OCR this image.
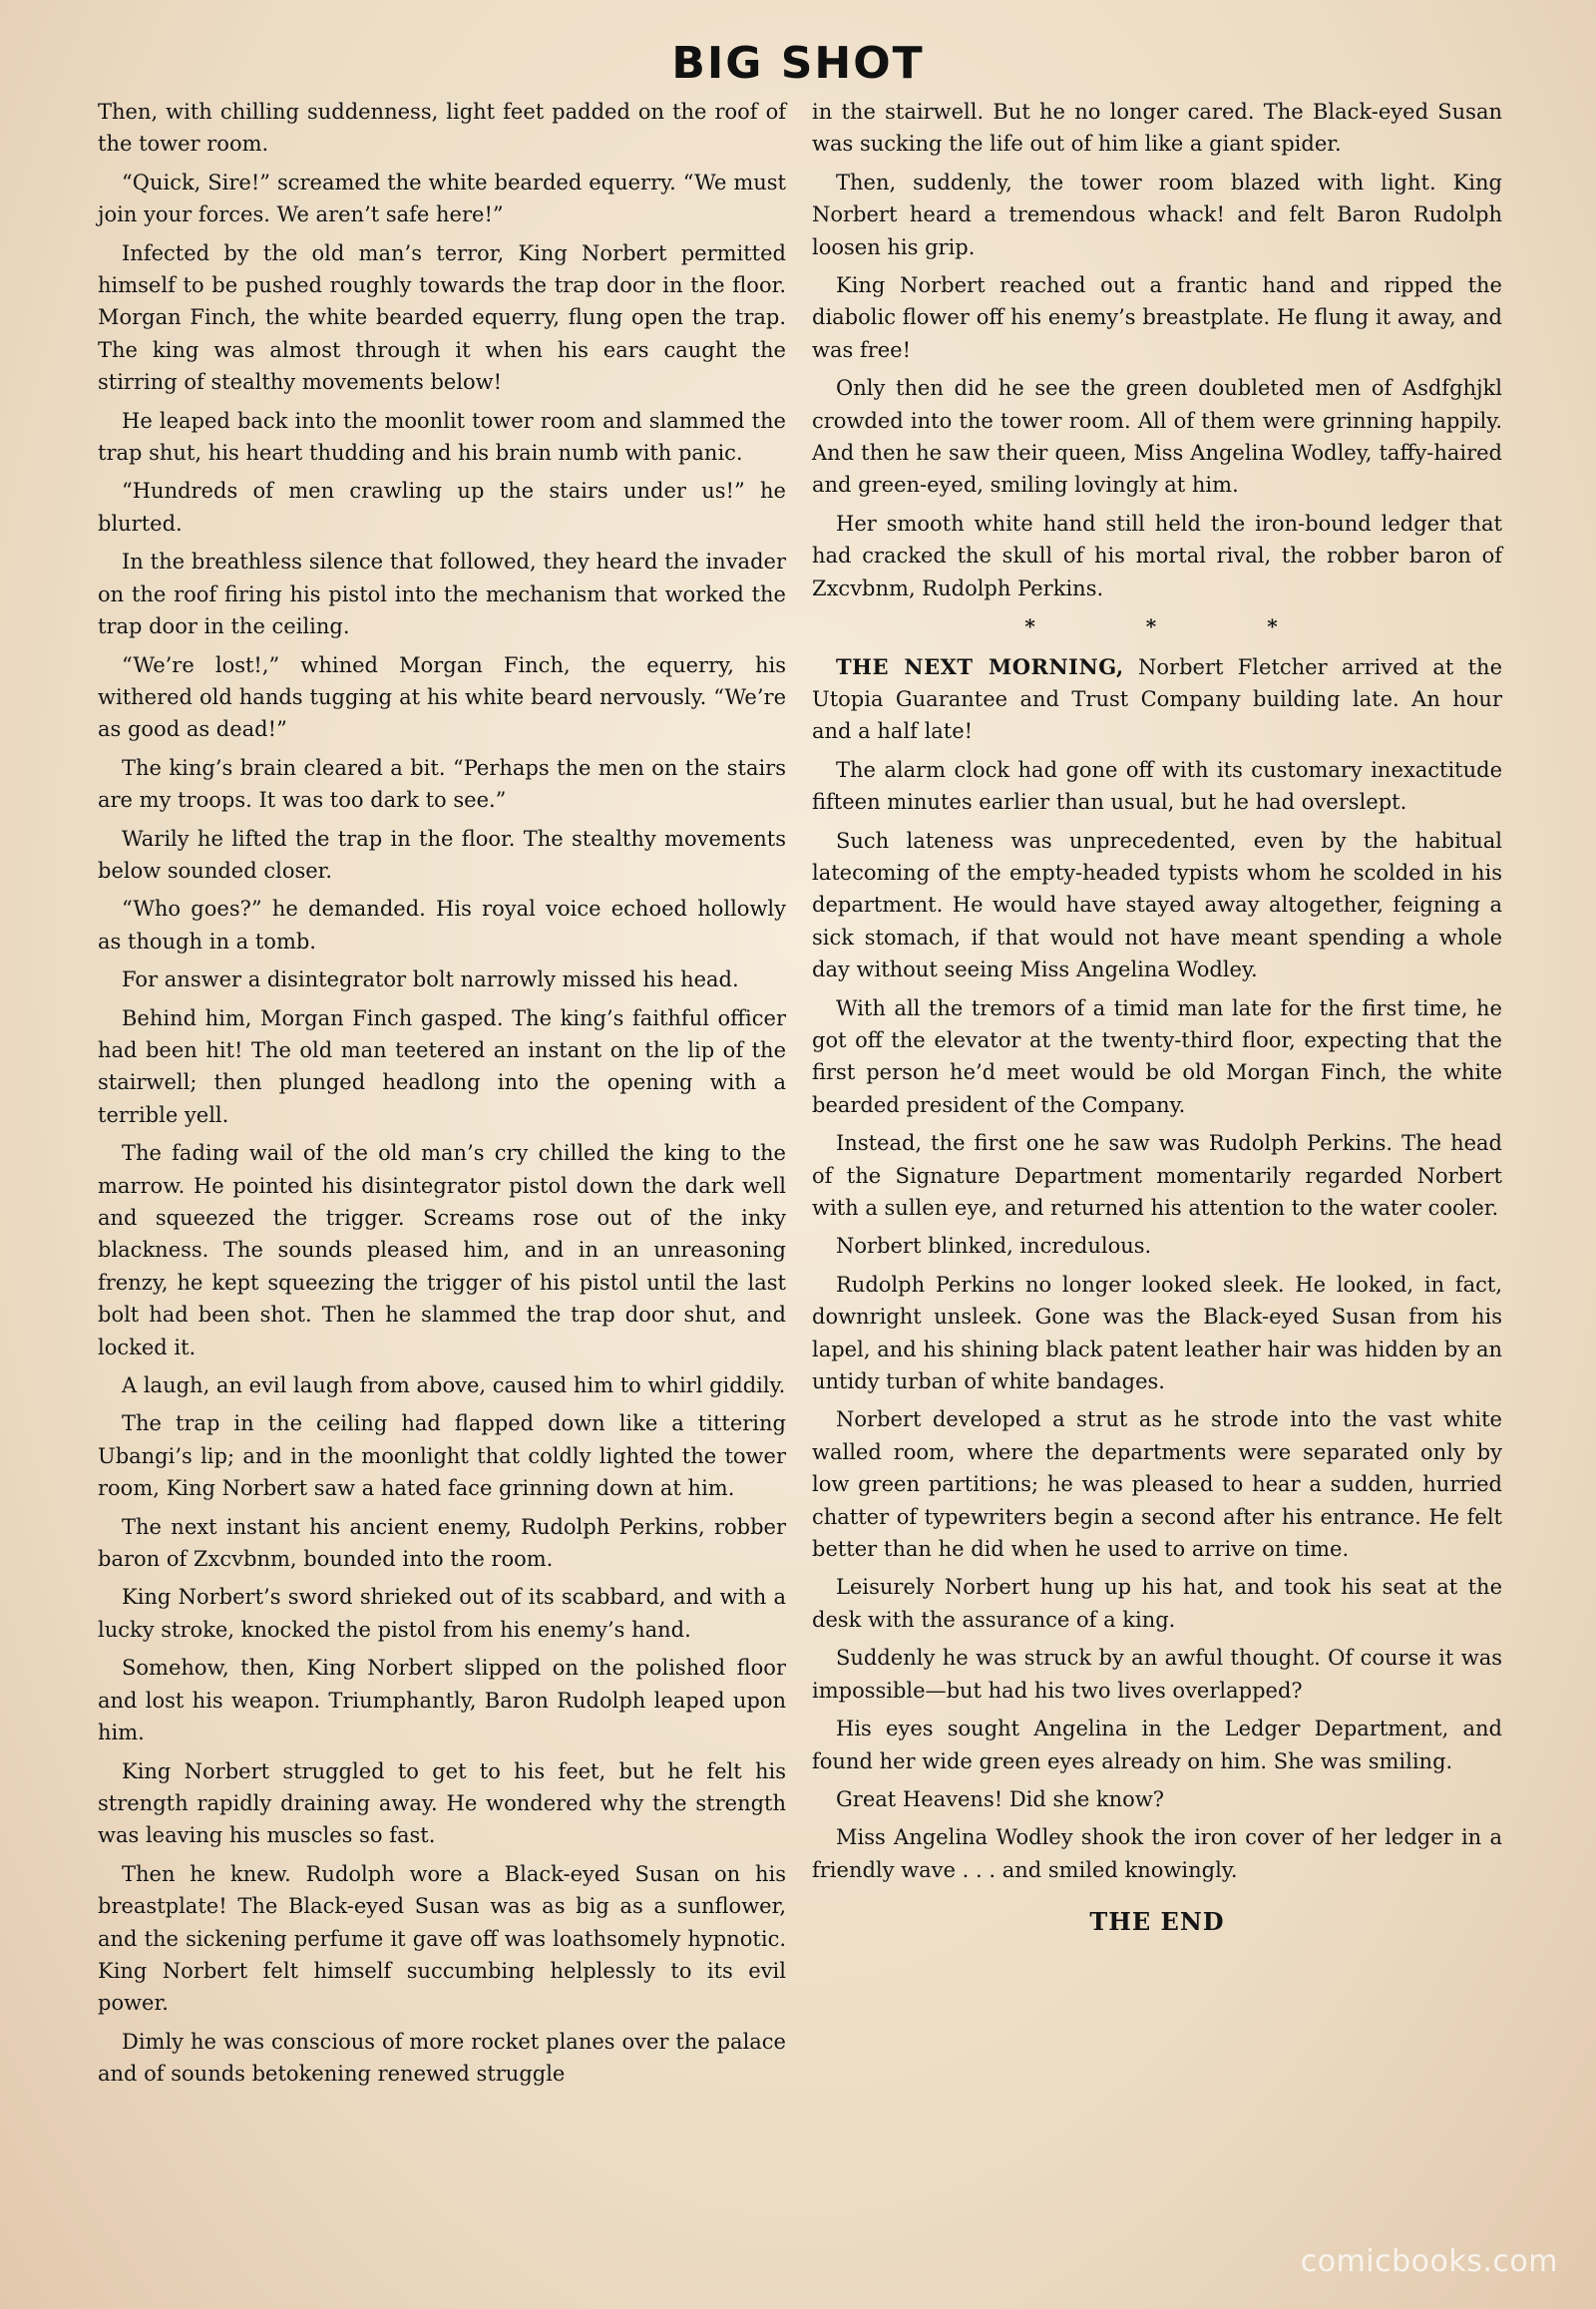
BIG SHOT

Then, with chilling suddenness, light feet padded on the roof of the tower room.

“Quick, Sire!” screamed the white bearded equerry. “We must join your forces. We aren’t safe here!”

Infected by the old man’s terror, King Norbert permitted himself to be pushed roughly towards the trap door in the floor. Morgan Finch, the white bearded equerry, flung open the trap. The king was almost through it when his ears caught the stirring of stealthy movements below!

He leaped back into the moonlit tower room and slammed the trap shut, his heart thudding and his brain numb with panic.

“Hundreds of men crawling up the stairs under us!” he blurted.

In the breathless silence that followed, they heard the invader on the roof firing his pistol into the mechanism that worked the trap door in the ceiling.

“We’re lost!,” whined Morgan Finch, the equerry, his withered old hands tugging at his white beard nervously. “We’re as good as dead!”

The king’s brain cleared a bit. “Perhaps the men on the stairs are my troops. It was too dark to see.”

Warily he lifted the trap in the floor. The stealthy movements below sounded closer.

“Who goes?” he demanded. His royal voice echoed hollowly as though in a tomb.

For answer a disintegrator bolt narrowly missed his head.

Behind him, Morgan Finch gasped. The king’s faithful officer had been hit! The old man teetered an instant on the lip of the stairwell; then plunged headlong into the opening with a terrible yell.

The fading wail of the old man’s cry chilled the king to the marrow. He pointed his disintegrator pistol down the dark well and squeezed the trigger. Screams rose out of the inky blackness. The sounds pleased him, and in an unreasoning frenzy, he kept squeezing the trigger of his pistol until the last bolt had been shot. Then he slammed the trap door shut, and locked it.

A laugh, an evil laugh from above, caused him to whirl giddily.

The trap in the ceiling had flapped down like a tittering Ubangi’s lip; and in the moonlight that coldly lighted the tower room, King Norbert saw a hated face grinning down at him.

The next instant his ancient enemy, Rudolph Perkins, robber baron of Zxcvbnm, bounded into the room.

King Norbert’s sword shrieked out of its scabbard, and with a lucky stroke, knocked the pistol from his enemy’s hand.

Somehow, then, King Norbert slipped on the polished floor and lost his weapon. Triumphantly, Baron Rudolph leaped upon him.

King Norbert struggled to get to his feet, but he felt his strength rapidly draining away. He wondered why the strength was leaving his muscles so fast.

Then he knew. Rudolph wore a Black-eyed Susan on his breastplate! The Black-eyed Susan was as big as a sunflower, and the sickening perfume it gave off was loathsomely hypnotic. King Norbert felt himself succumbing helplessly to its evil power.

Dimly he was conscious of more rocket planes over the palace and of sounds betokening renewed struggle

in the stairwell. But he no longer cared. The Black-eyed Susan was sucking the life out of him like a giant spider.

Then, suddenly, the tower room blazed with light. King Norbert heard a tremendous whack! and felt Baron Rudolph loosen his grip.

King Norbert reached out a frantic hand and ripped the diabolic flower off his enemy’s breastplate. He flung it away, and was free!

Only then did he see the green doubleted men of Asdfghjkl crowded into the tower room. All of them were grinning happily. And then he saw their queen, Miss Angelina Wodley, taffy-haired and green-eyed, smiling lovingly at him.

Her smooth white hand still held the iron-bound ledger that had cracked the skull of his mortal rival, the robber baron of Zxcvbnm, Rudolph Perkins.

* * *

THE NEXT MORNING, Norbert Fletcher arrived at the Utopia Guarantee and Trust Company building late. An hour and a half late!

The alarm clock had gone off with its customary inexactitude fifteen minutes earlier than usual, but he had overslept.

Such lateness was unprecedented, even by the habitual latecoming of the empty-headed typists whom he scolded in his department. He would have stayed away altogether, feigning a sick stomach, if that would not have meant spending a whole day without seeing Miss Angelina Wodley.

With all the tremors of a timid man late for the first time, he got off the elevator at the twenty-third floor, expecting that the first person he’d meet would be old Morgan Finch, the white bearded president of the Company.

Instead, the first one he saw was Rudolph Perkins. The head of the Signature Department momentarily regarded Norbert with a sullen eye, and returned his attention to the water cooler.

Norbert blinked, incredulous.

Rudolph Perkins no longer looked sleek. He looked, in fact, downright unsleek. Gone was the Black-eyed Susan from his lapel, and his shining black patent leather hair was hidden by an untidy turban of white bandages.

Norbert developed a strut as he strode into the vast white walled room, where the departments were separated only by low green partitions; he was pleased to hear a sudden, hurried chatter of typewriters begin a second after his entrance. He felt better than he did when he used to arrive on time.

Leisurely Norbert hung up his hat, and took his seat at the desk with the assurance of a king.

Suddenly he was struck by an awful thought. Of course it was impossible—but had his two lives overlapped?

His eyes sought Angelina in the Ledger Department, and found her wide green eyes already on him. She was smiling.

Great Heavens! Did she know?

Miss Angelina Wodley shook the iron cover of her ledger in a friendly wave . . . and smiled knowingly.

THE END
comicbooks.com
